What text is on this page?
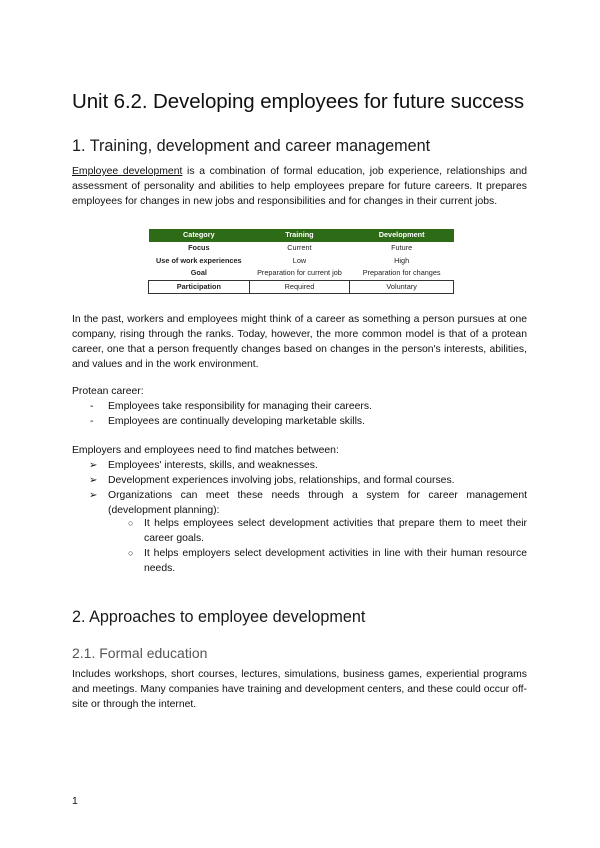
Unit 6.2. Developing employees for future success
1. Training, development and career management

Employee development is a combination of formal education, job experience, relationships and assessment of personality and abilities to help employees prepare for future careers. It prepares employees for changes in new jobs and responsibilities and for changes in their current jobs.

Category	Training	Development
Focus	Current	Future
Use of work experiences	Low	High
Goal	Preparation for current job	Preparation for changes
Participation	Required	Voluntary

In the past, workers and employees might think of a career as something a person pursues at one company, rising through the ranks. Today, however, the more common model is that of a protean career, one that a person frequently changes based on changes in the person's interests, abilities, and values and in the work environment.

Protean career:

- Employees take responsibility for managing their careers.
- Employees are continually developing marketable skills.

Employers and employees need to find matches between:

➢ Employees' interests, skills, and weaknesses.
➢ Development experiences involving jobs, relationships, and formal courses.
➢ Organizations can meet these needs through a system for career management (development planning):
○ It helps employees select development activities that prepare them to meet their career goals.
○ It helps employers select development activities in line with their human resource needs.
2. Approaches to employee development
2.1. Formal education

Includes workshops, short courses, lectures, simulations, business games, experiential programs and meetings. Many companies have training and development centers, and these could occur off-site or through the internet.

1
